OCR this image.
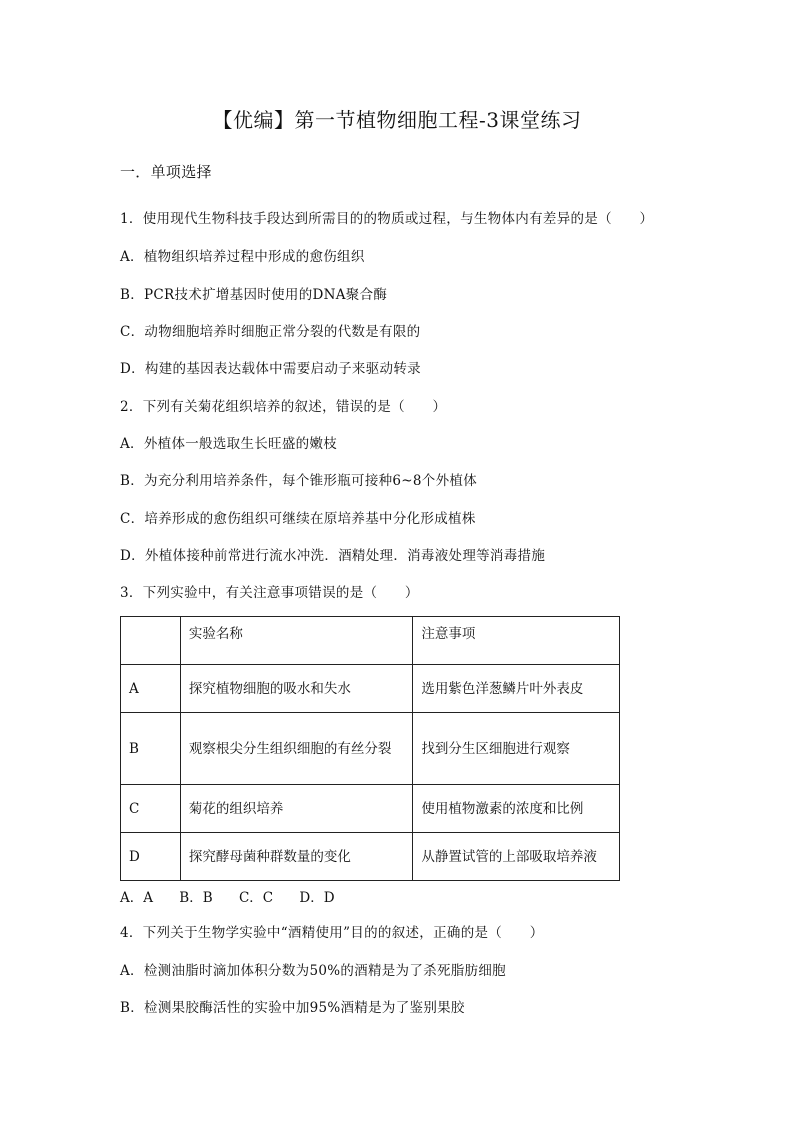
【优编】第一节植物细胞工程-3课堂练习
一．单项选择
1．使用现代生物科技手段达到所需目的的物质或过程，与生物体内有差异的是（　　）
A．植物组织培养过程中形成的愈伤组织
B．PCR技术扩增基因时使用的DNA聚合酶
C．动物细胞培养时细胞正常分裂的代数是有限的
D．构建的基因表达载体中需要启动子来驱动转录
2．下列有关菊花组织培养的叙述，错误的是（　　）
A．外植体一般选取生长旺盛的嫩枝
B．为充分利用培养条件，每个锥形瓶可接种6~8个外植体
C．培养形成的愈伤组织可继续在原培养基中分化形成植株
D．外植体接种前常进行流水冲洗．酒精处理．消毒液处理等消毒措施
3．下列实验中，有关注意事项错误的是（　　）
	实验名称	注意事项
A	探究植物细胞的吸水和失水	选用紫色洋葱鳞片叶外表皮
B	观察根尖分生组织细胞的有丝分裂	找到分生区细胞进行观察
C	菊花的组织培养	使用植物激素的浓度和比例
D	探究酵母菌种群数量的变化	从静置试管的上部吸取培养液
A．A B．B C．C D．D
4．下列关于生物学实验中“酒精使用”目的的叙述，正确的是（　　）
A．检测油脂时滴加体积分数为50%的酒精是为了杀死脂肪细胞
B．检测果胶酶活性的实验中加95%酒精是为了鉴别果胶
